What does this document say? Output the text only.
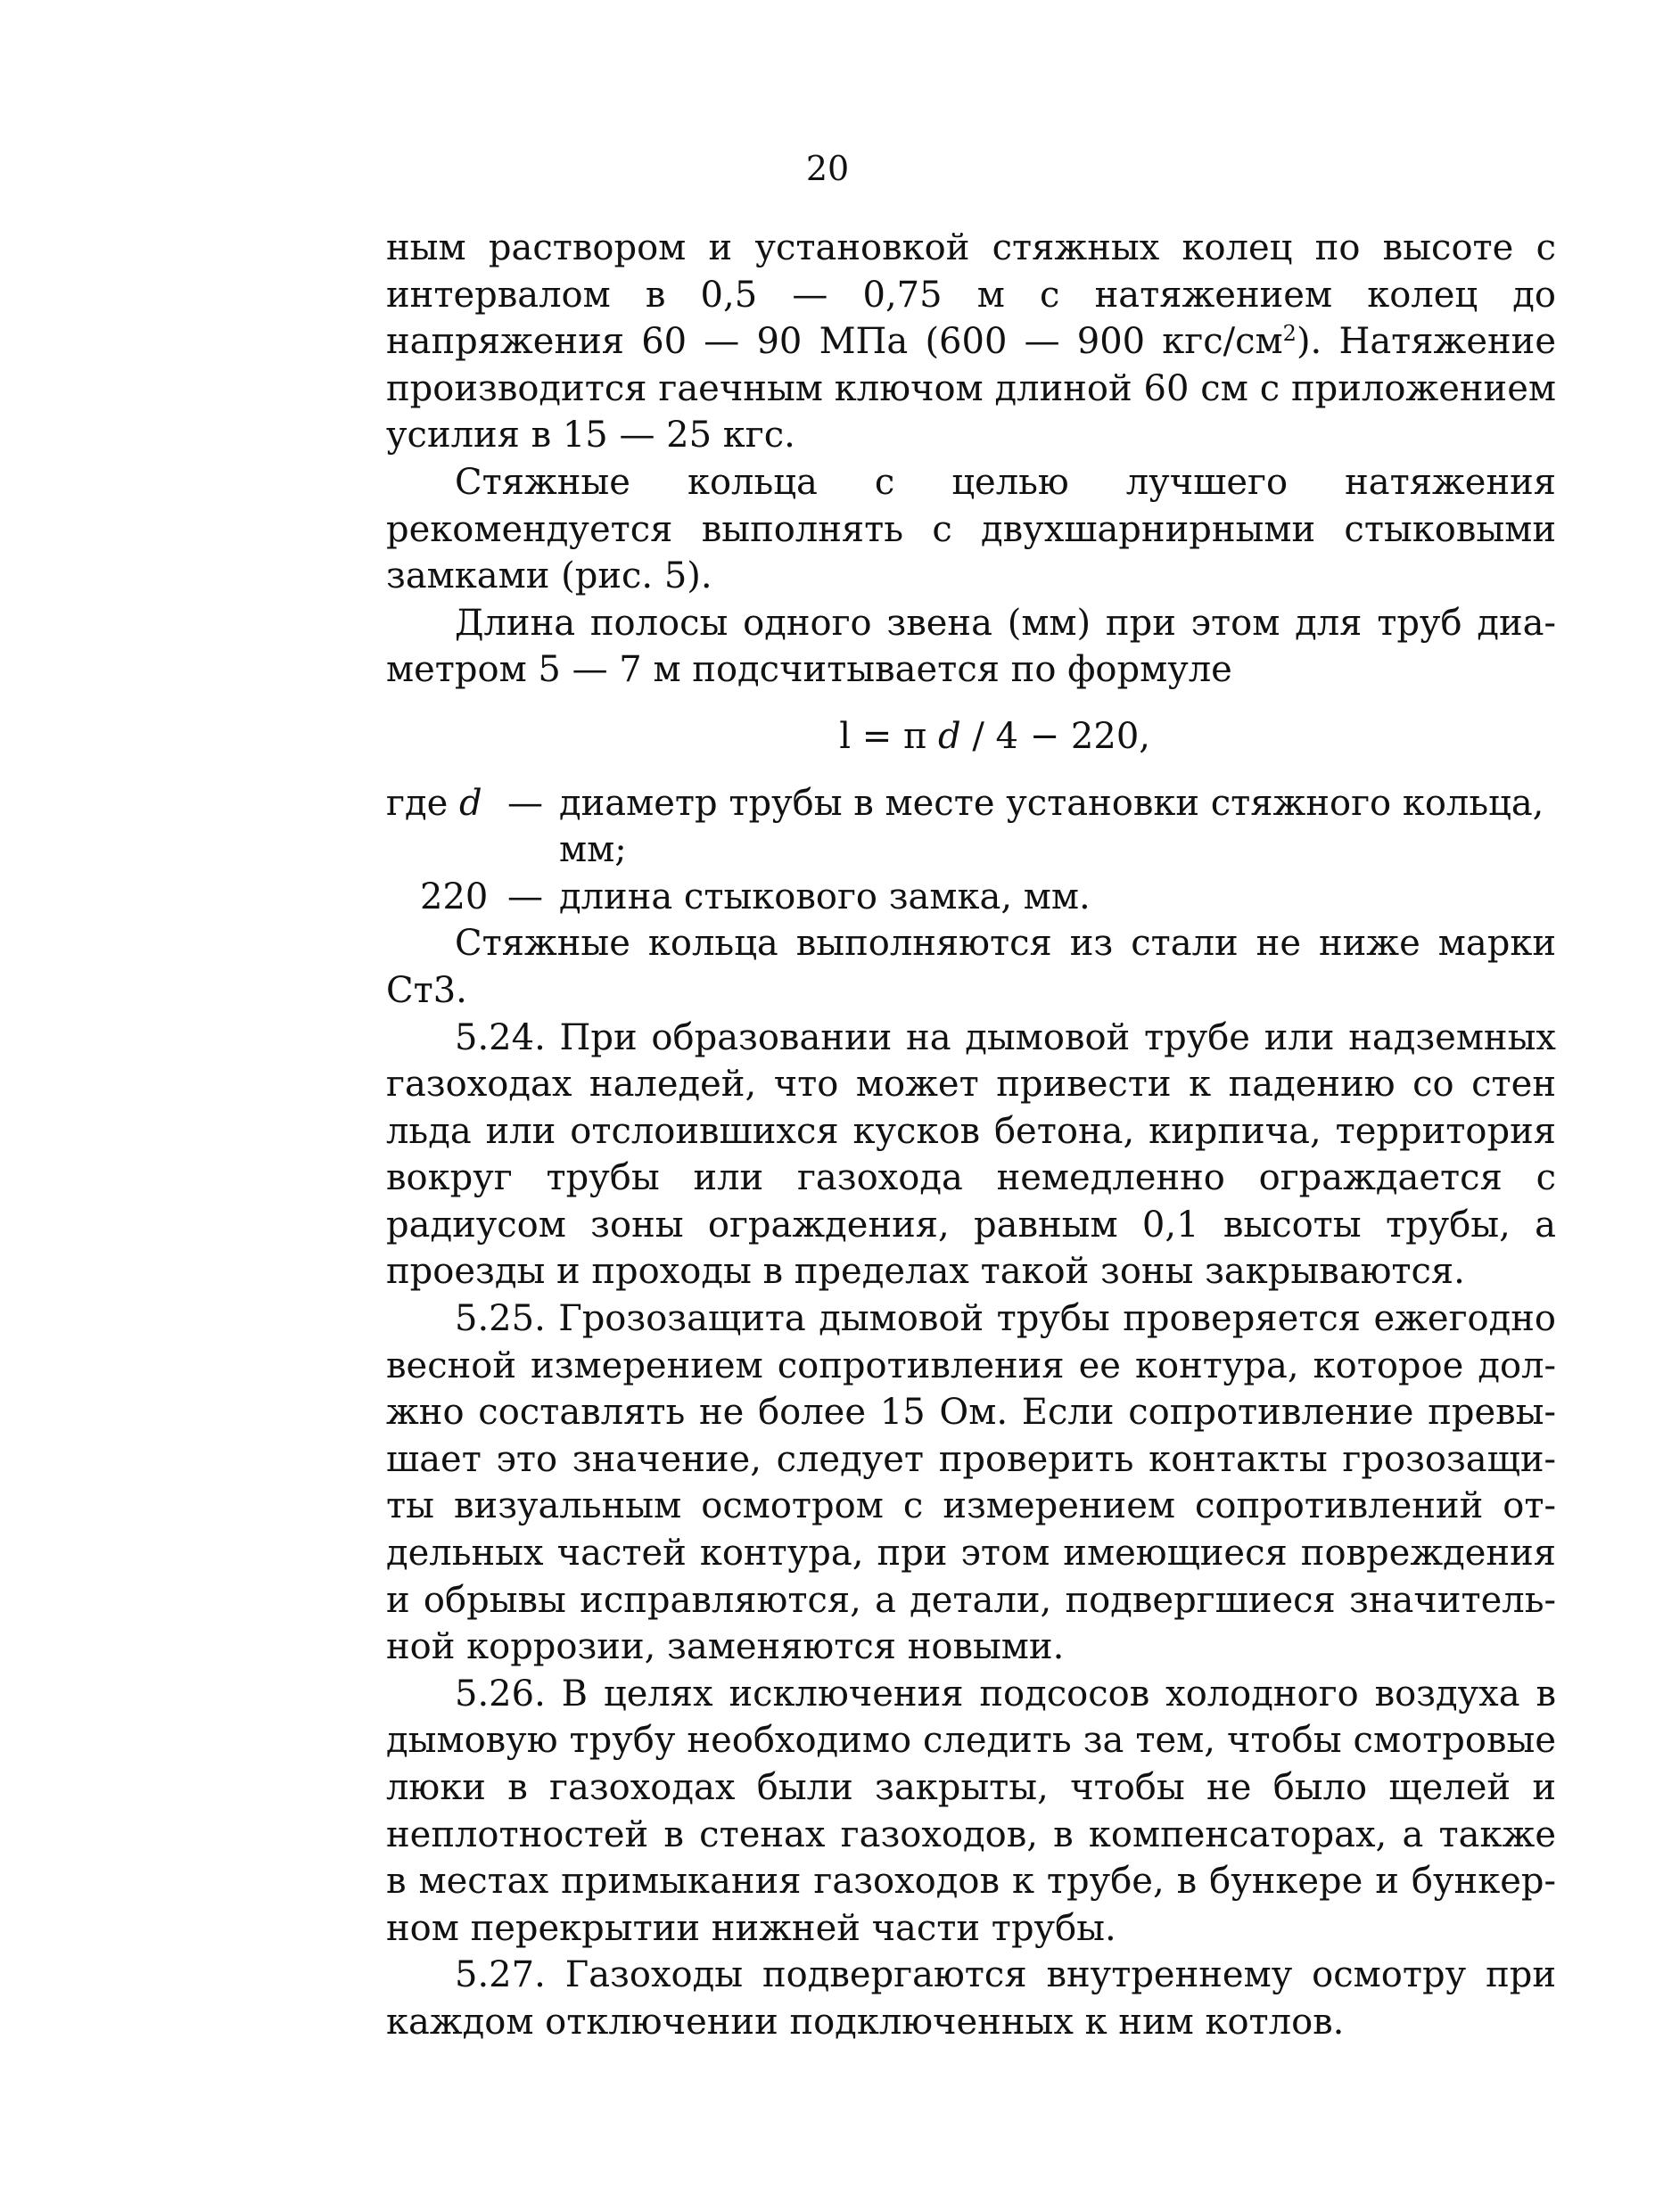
20

ным раствором и установкой стяжных колец по высоте с интервалом в 0,5 — 0,75 м с натяжением колец до напряжения 60 — 90 МПа (600 — 900 кгс/$см^2$). Натяжение производится гаечным ключом длиной 60 см с приложением усилия в 15 — 25 кгс.

Стяжные кольца с целью лучшего натяжения рекомендуется выполнять с двухшарнирными стыковыми замками (рис. 5).

Длина полосы одного звена (мм) при этом для труб диаметром 5 — 7 м подсчитывается по формуле

l = π d / 4 − 220,

где d — диаметр трубы в месте установки стяжного кольца, мм;
220 — длина стыкового замка, мм.

Стяжные кольца выполняются из стали не ниже марки Ст3.

5.24. При образовании на дымовой трубе или надземных газоходах наледей, что может привести к падению со стен льда или отслоившихся кусков бетона, кирпича, территория вокруг трубы или газохода немедленно ограждается с радиусом зоны ограждения, равным 0,1 высоты трубы, а проезды и проходы в пределах такой зоны закрываются.

5.25. Грозозащита дымовой трубы проверяется ежегодно весной измерением сопротивления ее контура, которое должно составлять не более 15 Ом. Если сопротивление превышает это значение, следует проверить контакты грозозащиты визуальным осмотром с измерением сопротивлений отдельных частей контура, при этом имеющиеся повреждения и обрывы исправляются, а детали, подвергшиеся значительной коррозии, заменяются новыми.

5.26. В целях исключения подсосов холодного воздуха в дымовую трубу необходимо следить за тем, чтобы смотровые люки в газоходах были закрыты, чтобы не было щелей и неплотностей в стенах газоходов, в компенсаторах, а также в местах примыкания газоходов к трубе, в бункере и бункерном перекрытии нижней части трубы.

5.27. Газоходы подвергаются внутреннему осмотру при каждом отключении подключенных к ним котлов.
